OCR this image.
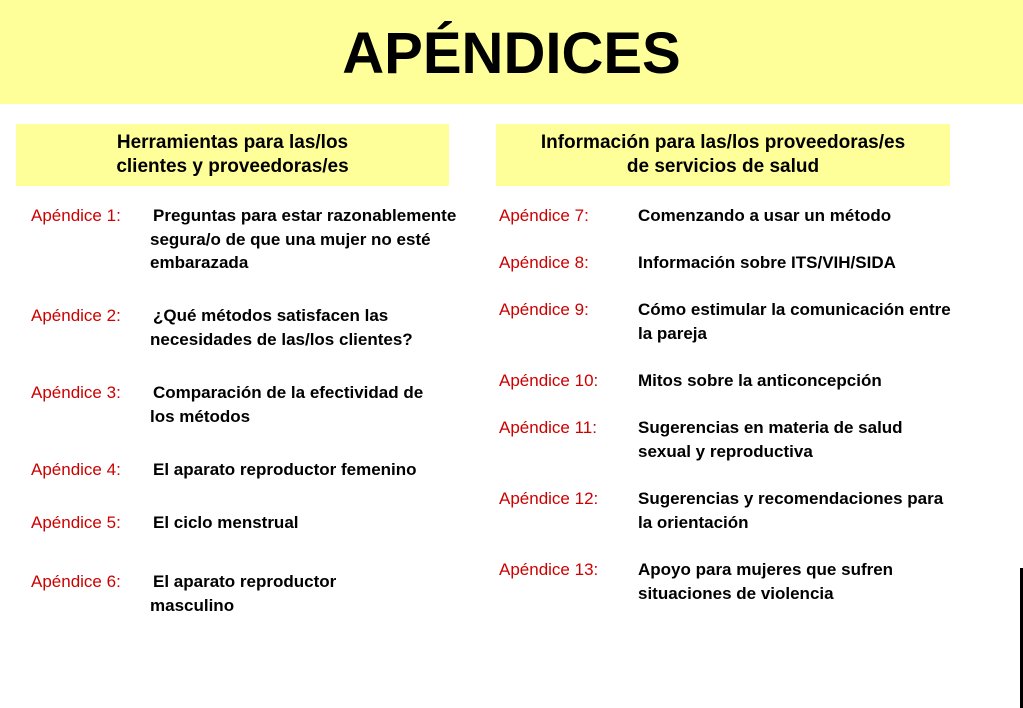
APÉNDICES
Herramientas para las/los
clientes y proveedoras/es
Información para las/los proveedoras/es
de servicios de salud
Apéndice 1:	Preguntas para estar razonablemente segura/o de que una mujer no esté embarazada
Apéndice 2:	¿Qué métodos satisfacen las necesidades de las/los clientes?
Apéndice 3:	Comparación de la efectividad de los métodos
Apéndice 4:	El aparato reproductor femenino
Apéndice 5:	El ciclo menstrual
Apéndice 6:	El aparato reproductor masculino
Apéndice 7:	Comenzando a usar un método
Apéndice 8:	Información sobre ITS/VIH/SIDA
Apéndice 9:	Cómo estimular la comunicación entre la pareja
Apéndice 10:	Mitos sobre la anticoncepción
Apéndice 11:	Sugerencias en materia de salud sexual y reproductiva
Apéndice 12:	Sugerencias y recomendaciones para la orientación
Apéndice 13:	Apoyo para mujeres que sufren situaciones de violencia
